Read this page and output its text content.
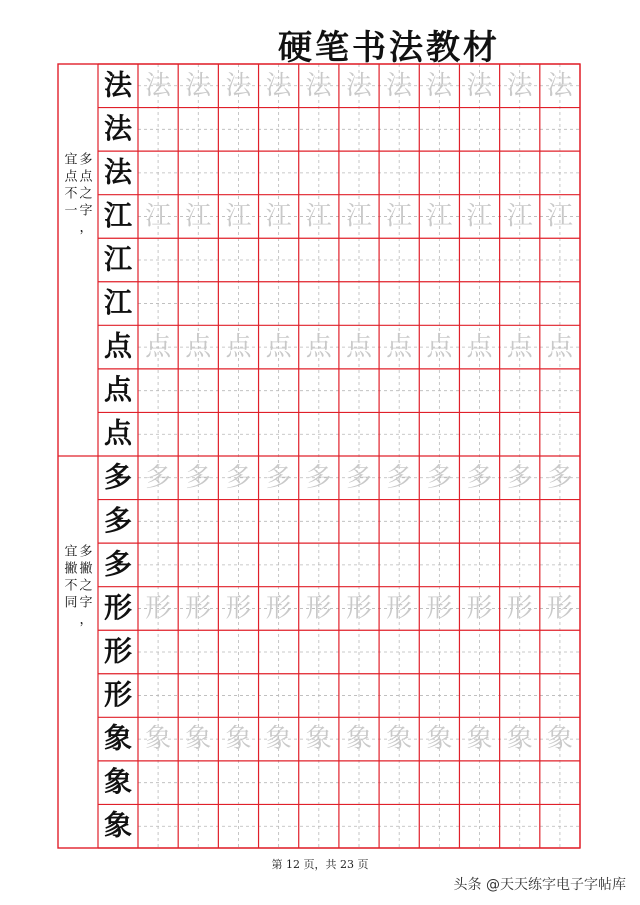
硬笔书法教材
法 法 法 法 法 法 法 法 法 法 法 法
法
法
江 江 江 江 江 江 江 江 江 江 江 江
江
江
点 点 点 点 点 点 点 点 点 点 点 点
点
点
多
点
之
字
，
宜
点
不
一
多 多 多 多 多 多 多 多 多 多 多 多
多
多
形 形 形 形 形 形 形 形 形 形 形 形
形
形
象 象 象 象 象 象 象 象 象 象 象 象
象
象
多
撇
之
字
，
宜
撇
不
同
第 12 页，共 23 页
头条 @天天练字电子字帖库
